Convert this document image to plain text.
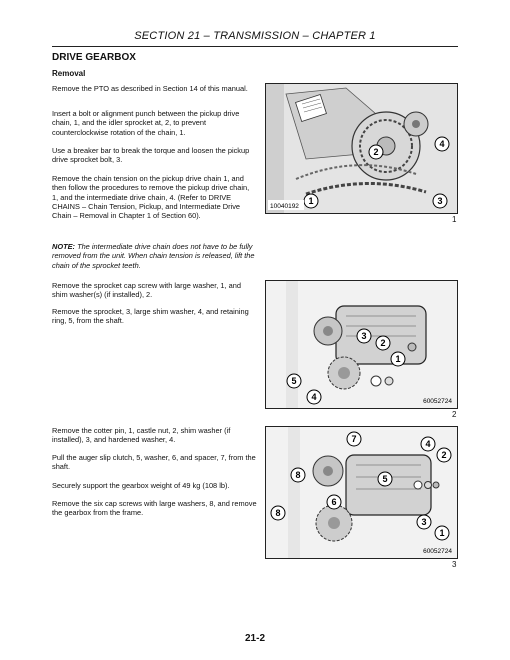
SECTION 21 – TRANSMISSION – CHAPTER 1
DRIVE GEARBOX
Removal
Remove the PTO as described in Section 14 of this manual.
Insert a bolt or alignment punch between the pickup drive chain, 1, and the idler sprocket at, 2, to prevent counterclockwise rotation of the chain, 1.
Use a breaker bar to break the torque and loosen the pickup drive sprocket bolt, 3.
Remove the chain tension on the pickup drive chain 1, and then follow the procedures to remove the pickup drive chain, 1, and the intermediate drive chain, 4. (Refer to DRIVE CHAINS – Chain Tension, Pickup, and Intermediate Drive Chain – Removal in Chapter 1 of Section 60).
NOTE: The intermediate drive chain does not have to be fully removed from the unit. When chain tension is released, lift the chain of the sprocket teeth.
Remove the sprocket cap screw with large washer, 1, and shim washer(s) (if installed), 2.
Remove the sprocket, 3, large shim washer, 4, and retaining ring, 5, from the shaft.
Remove the cotter pin, 1, castle nut, 2, shim washer (if installed), 3, and hardened washer, 4.
Pull the auger slip clutch, 5, washer, 6, and spacer, 7, from the shaft.
Securely support the gearbox weight of 49 kg (108 lb).
Remove the six cap screws with large washers, 8, and remove the gearbox from the frame.
1
2
3
4
10040192
1
1
2
3
4
5
60052724
2
1
2
3
4
5
6
7
8
8
60052724
3
21-2
